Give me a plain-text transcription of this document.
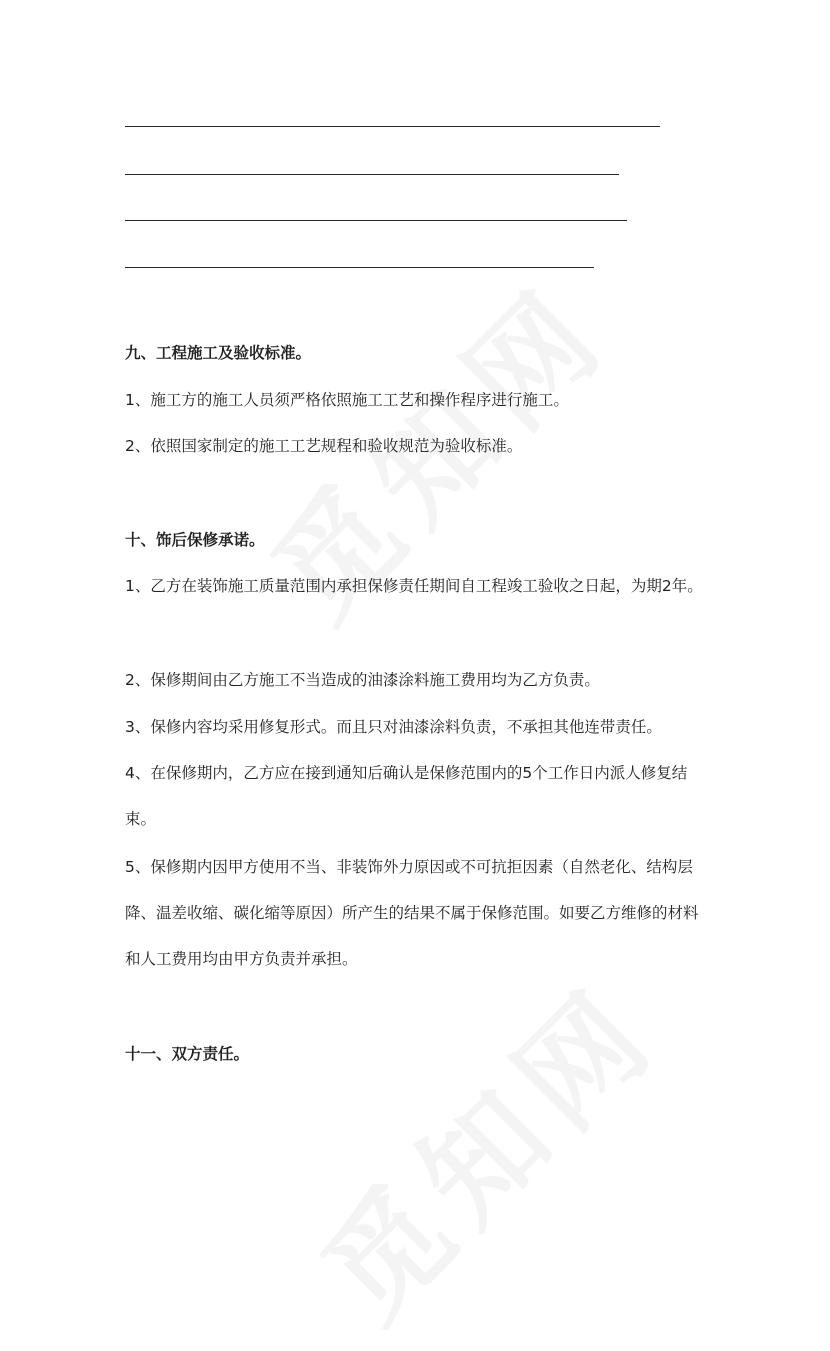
九、工程施工及验收标准。

1、施工方的施工人员须严格依照施工工艺和操作程序进行施工。

2、依照国家制定的施工工艺规程和验收规范为验收标准。

十、饰后保修承诺。

1、乙方在装饰施工质量范围内承担保修责任期间自工程竣工验收之日起，为期2年。

2、保修期间由乙方施工不当造成的油漆涂料施工费用均为乙方负责。

3、保修内容均采用修复形式。而且只对油漆涂料负责，不承担其他连带责任。

4、在保修期内，乙方应在接到通知后确认是保修范围内的5个工作日内派人修复结束。

5、保修期内因甲方使用不当、非装饰外力原因或不可抗拒因素（自然老化、结构层降、温差收缩、碳化缩等原因）所产生的结果不属于保修范围。如要乙方维修的材料和人工费用均由甲方负责并承担。

十一、双方责任。
